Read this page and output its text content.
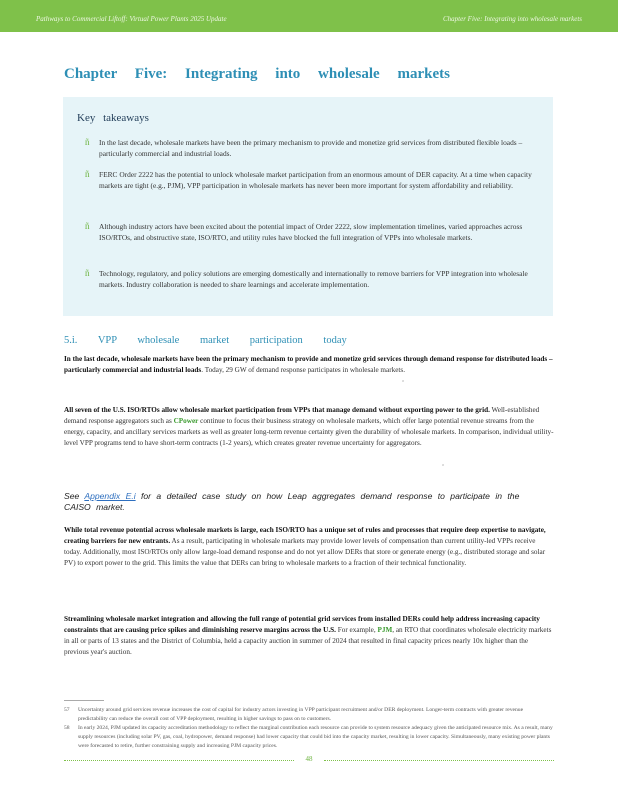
Pathways to Commercial Liftoff: Virtual Power Plants 2025 Update	Chapter Five: Integrating into wholesale markets
Chapter Five: Integrating into wholesale markets
Key takeaways
ñ In the last decade, wholesale markets have been the primary mechanism to provide and monetize grid services from distributed flexible loads – particularly commercial and industrial loads.
ñ FERC Order 2222 has the potential to unlock wholesale market participation from an enormous amount of DER capacity. At a time when capacity markets are tight (e.g., PJM), VPP participation in wholesale markets has never been more important for system affordability and reliability.
ñ Although industry actors have been excited about the potential impact of Order 2222, slow implementation timelines, varied approaches across ISO/RTOs, and obstructive state, ISO/RTO, and utility rules have blocked the full integration of VPPs into wholesale markets.
ñ Technology, regulatory, and policy solutions are emerging domestically and internationally to remove barriers for VPP integration into wholesale markets. Industry collaboration is needed to share learnings and accelerate implementation.
5.i. VPP wholesale market participation today
In the last decade, wholesale markets have been the primary mechanism to provide and monetize grid services through demand response for distributed loads – particularly commercial and industrial loads. Today, 29 GW of demand response participates in wholesale markets.
°
All seven of the U.S. ISO/RTOs allow wholesale market participation from VPPs that manage demand without exporting power to the grid. Well-established demand response aggregators such as CPower continue to focus their business strategy on wholesale markets, which offer large potential revenue streams from the energy, capacity, and ancillary services markets as well as greater long-term revenue certainty given the durability of wholesale markets. In comparison, individual utility-level VPP programs tend to have short-term contracts (1-2 years), which creates greater revenue uncertainty for aggregators.
°
See Appendix E.i for a detailed case study on how Leap aggregates demand response to participate in the CAISO market.
While total revenue potential across wholesale markets is large, each ISO/RTO has a unique set of rules and processes that require deep expertise to navigate, creating barriers for new entrants. As a result, participating in wholesale markets may provide lower levels of compensation than current utility-led VPPs receive today. Additionally, most ISO/RTOs only allow large-load demand response and do not yet allow DERs that store or generate energy (e.g., distributed storage and solar PV) to export power to the grid. This limits the value that DERs can bring to wholesale markets to a fraction of their technical functionality.
Streamlining wholesale market integration and allowing the full range of potential grid services from installed DERs could help address increasing capacity constraints that are causing price spikes and diminishing reserve margins across the U.S. For example, PJM, an RTO that coordinates wholesale electricity markets in all or parts of 13 states and the District of Columbia, held a capacity auction in summer of 2024 that resulted in final capacity prices nearly 10x higher than the previous year's auction.
57	Uncertainty around grid services revenue increases the cost of capital for industry actors investing in VPP participant recruitment and/or DER deployment. Longer-term contracts with greater revenue predictability can reduce the overall cost of VPP deployment, resulting in higher savings to pass on to customers.
58	In early 2024, PJM updated its capacity accreditation methodology to reflect the marginal contribution each resource can provide to system resource adequacy given the anticipated resource mix. As a result, many supply resources (including solar PV, gas, coal, hydropower, demand response) had lower capacity that could bid into the capacity market, resulting in lower capacity. Simultaneously, many existing power plants were forecasted to retire, further constraining supply and increasing PJM capacity prices.
48
